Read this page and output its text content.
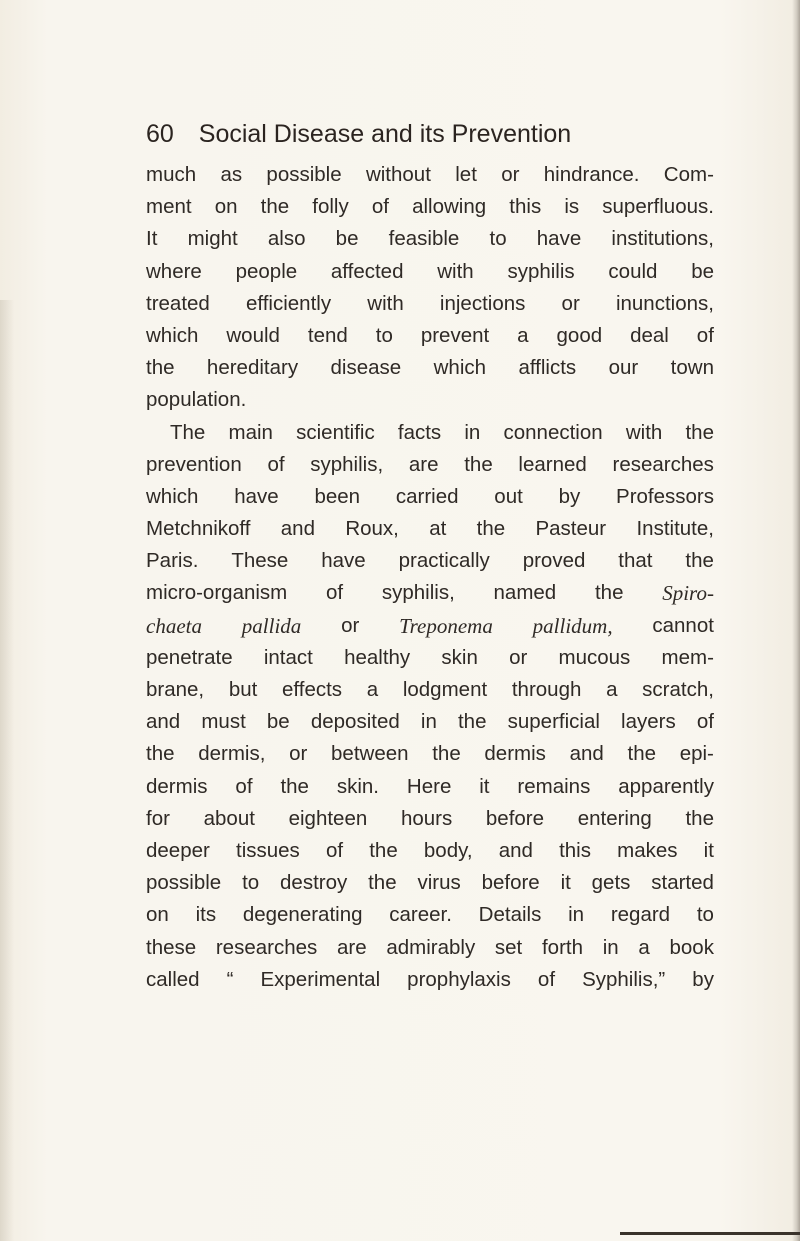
60 Social Disease and its Prevention
much as possible without let or hindrance. Com-
ment on the folly of allowing this is superfluous.
It might also be feasible to have institutions,
where people affected with syphilis could be
treated efficiently with injections or inunctions,
which would tend to prevent a good deal of
the hereditary disease which afflicts our town
population.
The main scientific facts in connection with the
prevention of syphilis, are the learned researches
which have been carried out by Professors
Metchnikoff and Roux, at the Pasteur Institute,
Paris. These have practically proved that the
micro-organism of syphilis, named the Spiro-
chaeta pallida or Treponema pallidum, cannot
penetrate intact healthy skin or mucous mem-
brane, but effects a lodgment through a scratch,
and must be deposited in the superficial layers of
the dermis, or between the dermis and the epi-
dermis of the skin. Here it remains apparently
for about eighteen hours before entering the
deeper tissues of the body, and this makes it
possible to destroy the virus before it gets started
on its degenerating career. Details in regard to
these researches are admirably set forth in a book
called “ Experimental prophylaxis of Syphilis,” by
